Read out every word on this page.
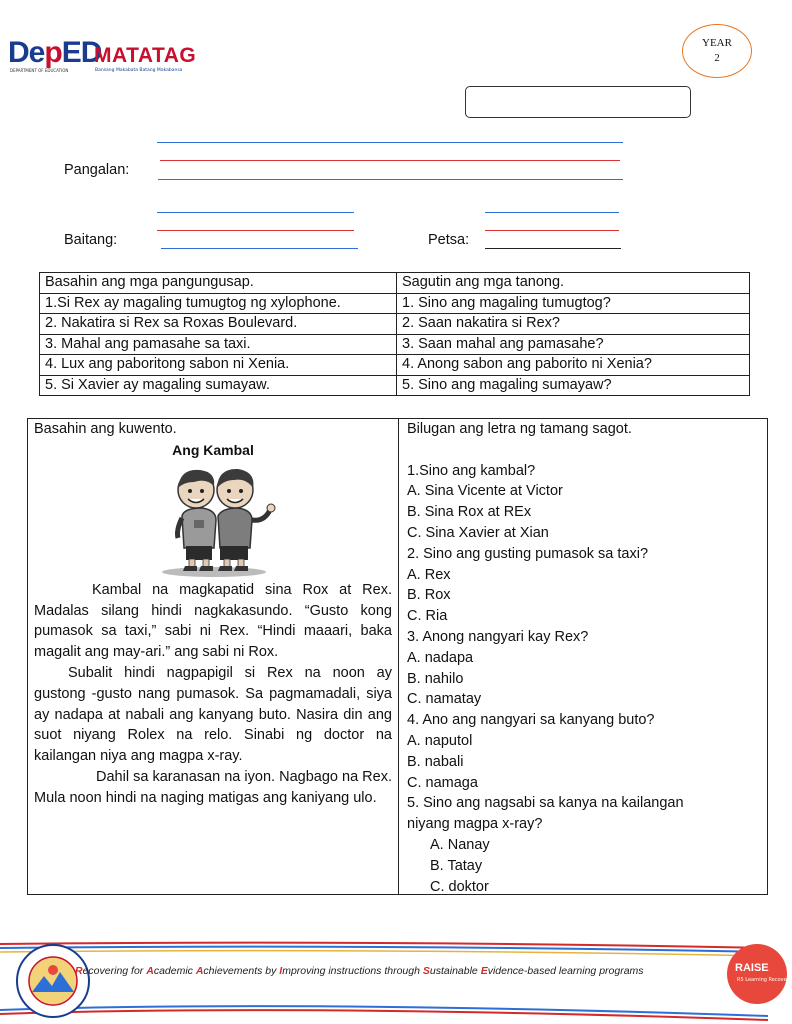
DepED
DEPARTMENT OF EDUCATION
MATATAG
Bansang Makabata Batang Makabansa
YEAR
2
Pangalan:
Baitang:	Petsa:
Basahin ang mga pangungusap.	Sagutin ang mga tanong.
1.Si Rex ay magaling tumugtog ng xylophone.	1. Sino ang magaling tumugtog?
2. Nakatira si Rex sa Roxas Boulevard.	2. Saan nakatira si Rex?
3. Mahal ang pamasahe sa taxi.	3. Saan mahal ang pamasahe?
4. Lux ang paboritong sabon ni Xenia.	4. Anong sabon ang paborito ni Xenia?
5. Si Xavier ay magaling sumayaw.	5. Sino ang magaling sumayaw?
Basahin ang kuwento.
Ang Kambal

Kambal na magkapatid sina Rox at Rex. Madalas silang hindi nagkakasundo. “Gusto kong pumasok sa taxi,” sabi ni Rex. “Hindi maaari, baka magalit ang may-ari.” ang sabi ni Rox.

Subalit hindi nagpapigil si Rex na noon ay gustong -gusto nang pumasok. Sa pagmamadali, siya ay nadapa at nabali ang kanyang buto. Nasira din ang suot niyang Rolex na relo. Sinabi ng doctor na kailangan niya ang magpa x-ray.

Dahil sa karanasan na iyon. Nagbago na Rex. Mula noon hindi na naging matigas ang kaniyang ulo.

Bilugan ang letra ng tamang sagot.
1.Sino ang kambal?
A. Sina Vicente at Victor
B. Sina Rox at REx
C. Sina Xavier at Xian
2. Sino ang gusting pumasok sa taxi?
A. Rex
B. Rox
C. Ria
3. Anong nangyari kay Rex?
A. nadapa
B. nahilo
C. namatay
4. Ano ang nangyari sa kanyang buto?
A. naputol
B. nabali
C. namaga
5. Sino ang nagsabi sa kanya na kailangan
niyang magpa x-ray?
A. Nanay
B. Tatay
C. doktor
Recovering for Academic Achievements by Improving instructions through Sustainable Evidence-based learning programs	RAISE
R5 Learning Recovery
